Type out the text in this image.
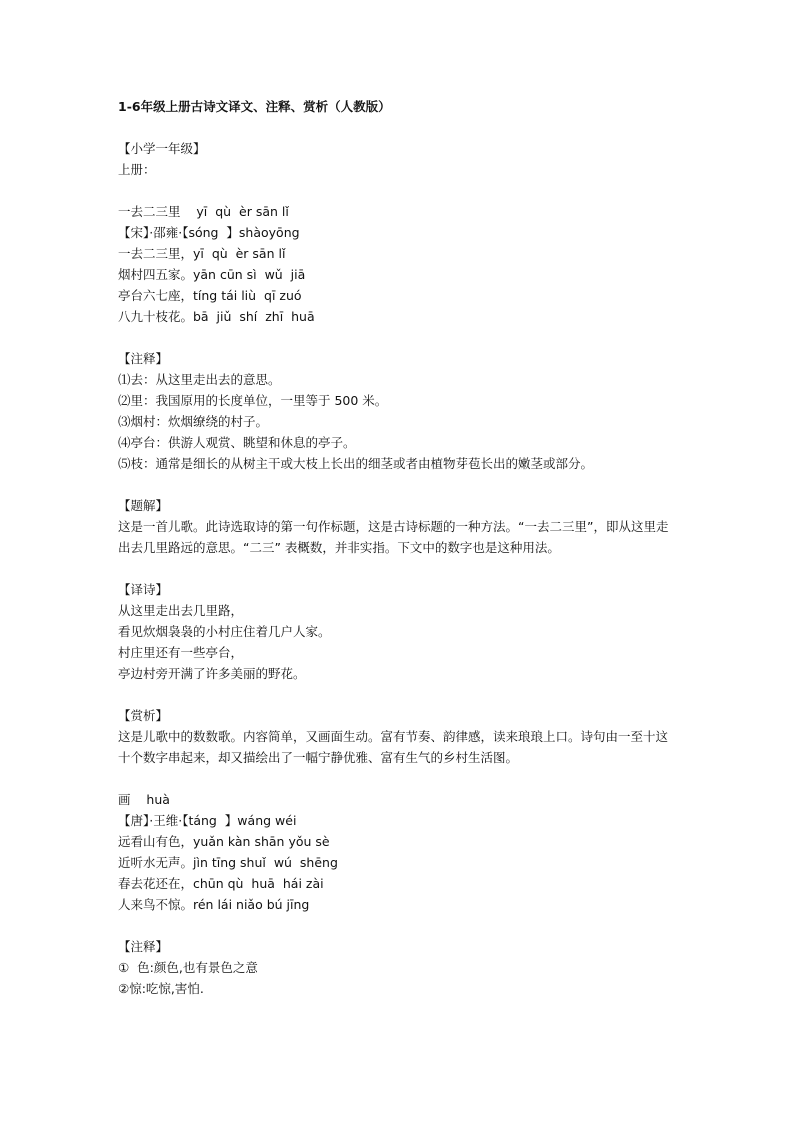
1-6年级上册古诗文译文、注释、赏析（人教版）
【小学一年级】
上册：
一去二三里    yī  qù  èr sān lǐ
【宋】·邵雍·【sóng  】shàoyōng
一去二三里，yī  qù  èr sān lǐ
烟村四五家。yān cūn sì  wǔ  jiā
亭台六七座，tíng tái liù  qī zuó
八九十枝花。bā  jiǔ  shí  zhī  huā
【注释】
⑴去：从这里走出去的意思。
⑵里：我国原用的长度单位，一里等于 500 米。
⑶烟村：炊烟缭绕的村子。
⑷亭台：供游人观赏、眺望和休息的亭子。
⑸枝：通常是细长的从树主干或大枝上长出的细茎或者由植物芽苞长出的嫩茎或部分。
【题解】
这是一首儿歌。此诗选取诗的第一句作标题，这是古诗标题的一种方法。“一去二三里”，即从这里走出去几里路远的意思。“二三” 表概数，并非实指。下文中的数字也是这种用法。
【译诗】
从这里走出去几里路，
看见炊烟袅袅的小村庄住着几户人家。
村庄里还有一些亭台，
亭边村旁开满了许多美丽的野花。
【赏析】
这是儿歌中的数数歌。内容简单，又画面生动。富有节奏、韵律感，读来琅琅上口。诗句由一至十这十个数字串起来，却又描绘出了一幅宁静优雅、富有生气的乡村生活图。
画    huà
【唐】·王维·【táng  】wáng wéi
远看山有色，yuǎn kàn shān yǒu sè
近听水无声。jìn tīng shuǐ  wú  shēng
春去花还在，chūn qù  huā  hái zài
人来鸟不惊。rén lái niǎo bú jīng
【注释】
①  色:颜色,也有景色之意
②惊:吃惊,害怕.
